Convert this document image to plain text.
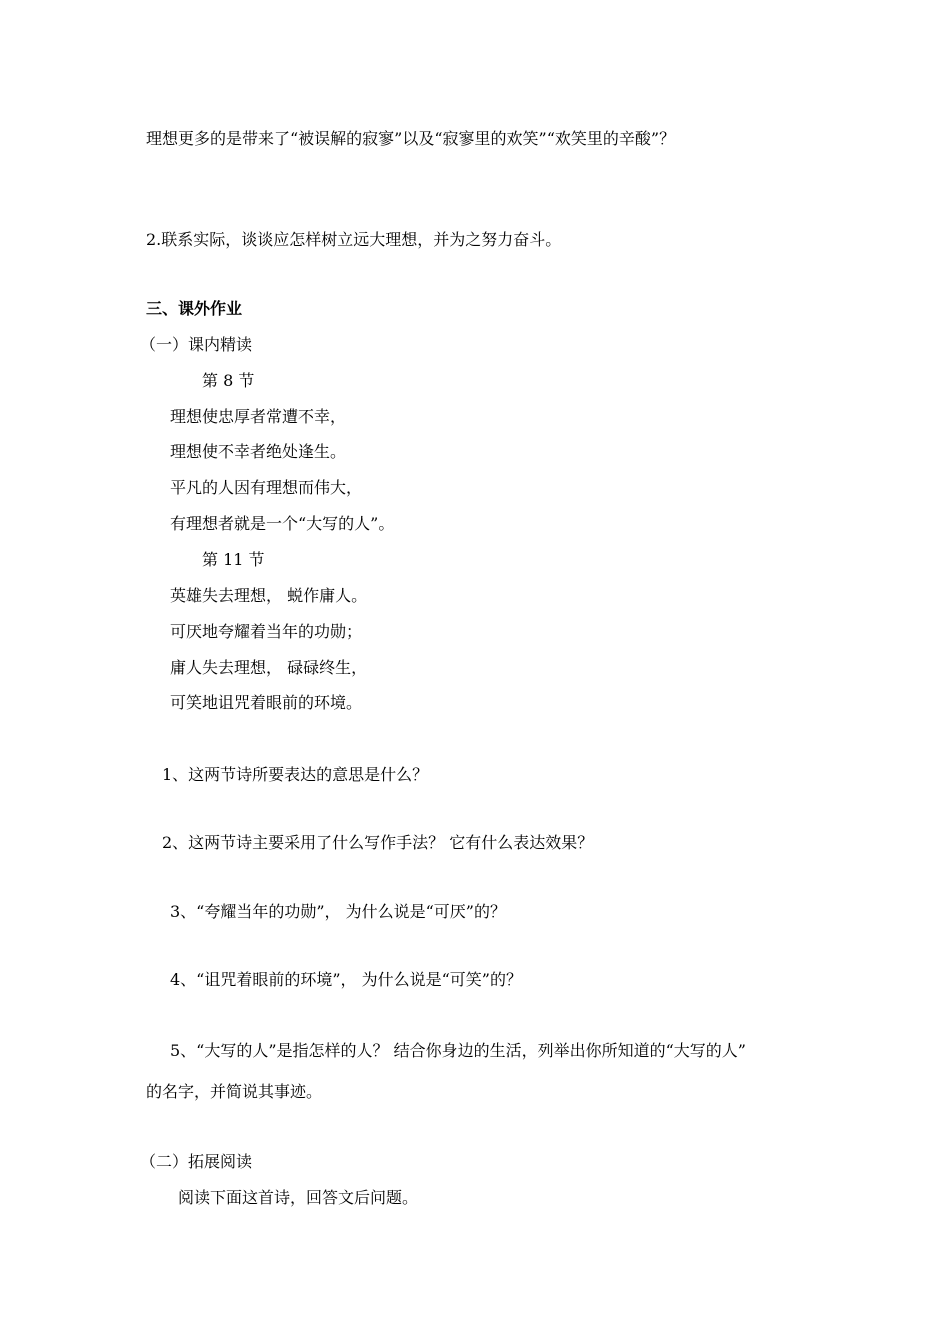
理想更多的是带来了“被误解的寂寥”以及“寂寥里的欢笑”“欢笑里的辛酸”？
2.联系实际，谈谈应怎样树立远大理想，并为之努力奋斗。
三、课外作业
（一）课内精读
第 8 节
理想使忠厚者常遭不幸，
理想使不幸者绝处逢生。
平凡的人因有理想而伟大，
有理想者就是一个“大写的人”。
第 11 节
英雄失去理想， 蜕作庸人。
可厌地夸耀着当年的功勋；
庸人失去理想， 碌碌终生，
可笑地诅咒着眼前的环境。
1、这两节诗所要表达的意思是什么？
2、这两节诗主要采用了什么写作手法？ 它有什么表达效果？
3、“夸耀当年的功勋”， 为什么说是“可厌”的？
4、“诅咒着眼前的环境”， 为什么说是“可笑”的？
5、“大写的人”是指怎样的人？ 结合你身边的生活，列举出你所知道的“大写的人”
的名字，并简说其事迹。
（二）拓展阅读
阅读下面这首诗，回答文后问题。
